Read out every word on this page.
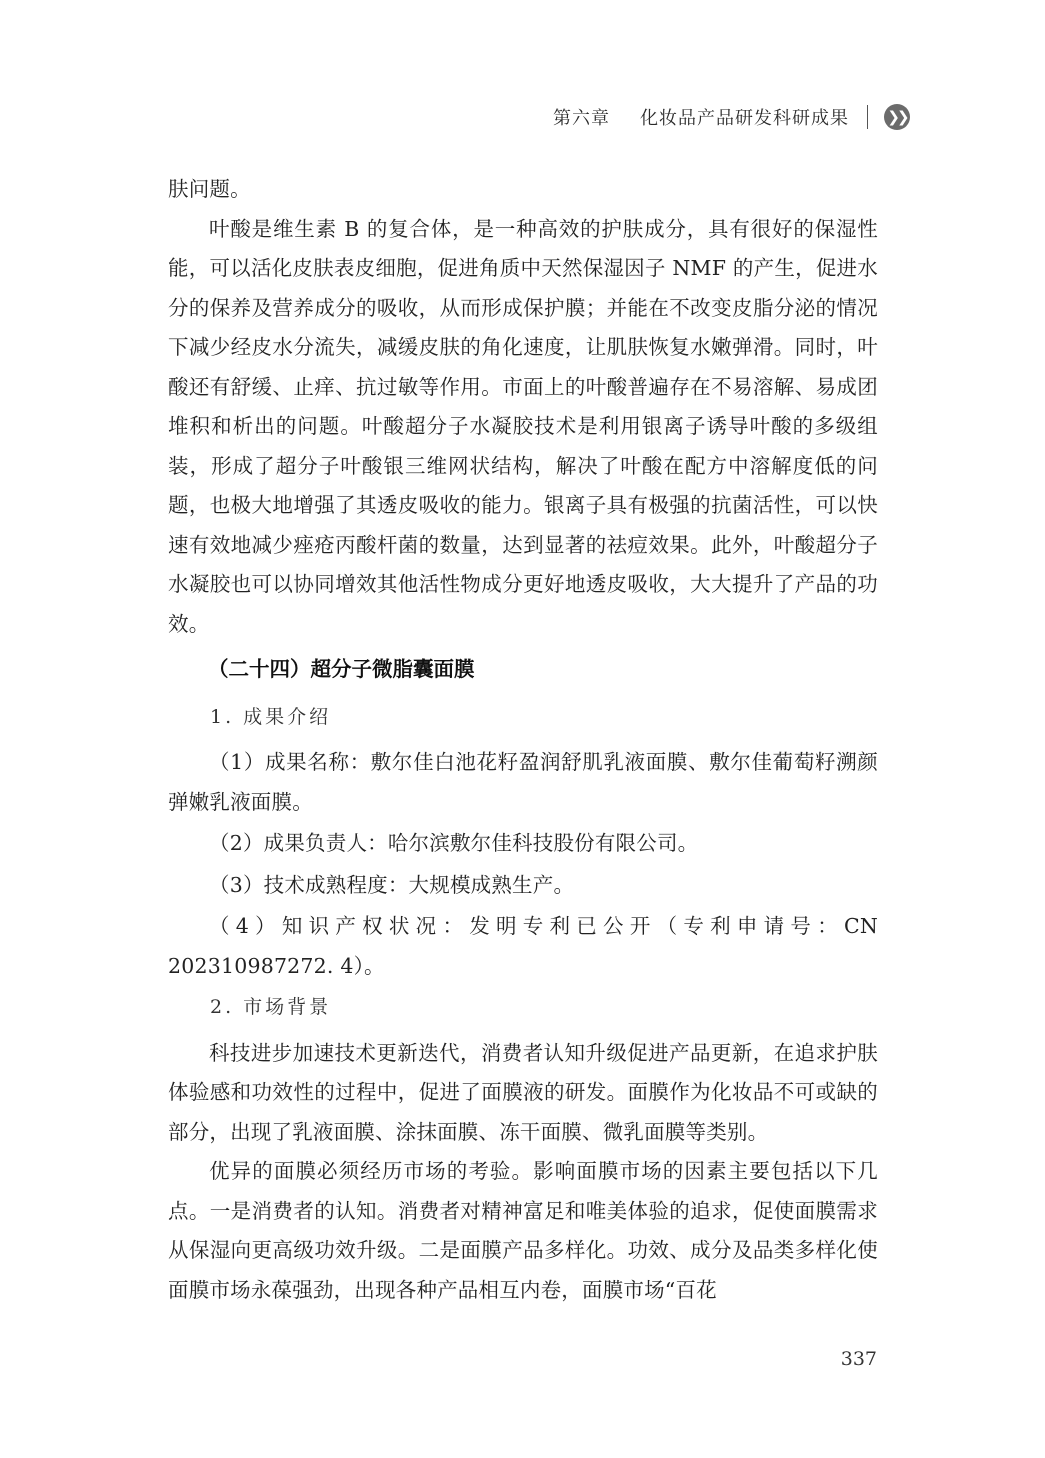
第六章 化妆品产品研发科研成果	❯❯

肤问题。

叶酸是维生素 B 的复合体，是一种高效的护肤成分，具有很好的保湿性能，可以活化皮肤表皮细胞，促进角质中天然保湿因子 NMF 的产生，促进水分的保养及营养成分的吸收，从而形成保护膜；并能在不改变皮脂分泌的情况下减少经皮水分流失，减缓皮肤的角化速度，让肌肤恢复水嫩弹滑。同时，叶酸还有舒缓、止痒、抗过敏等作用。市面上的叶酸普遍存在不易溶解、易成团堆积和析出的问题。叶酸超分子水凝胶技术是利用银离子诱导叶酸的多级组装，形成了超分子叶酸银三维网状结构，解决了叶酸在配方中溶解度低的问题，也极大地增强了其透皮吸收的能力。银离子具有极强的抗菌活性，可以快速有效地减少痤疮丙酸杆菌的数量，达到显著的祛痘效果。此外，叶酸超分子水凝胶也可以协同增效其他活性物成分更好地透皮吸收，大大提升了产品的功效。

（二十四）超分子微脂囊面膜
1. 成果介绍

（1）成果名称：敷尔佳白池花籽盈润舒肌乳液面膜、敷尔佳葡萄籽溯颜弹嫩乳液面膜。

（2）成果负责人：哈尔滨敷尔佳科技股份有限公司。

（3）技术成熟程度：大规模成熟生产。

（4）知识产权状况：发明专利已公开（专利申请号：CN 202310987272. 4）。

2. 市场背景

科技进步加速技术更新迭代，消费者认知升级促进产品更新，在追求护肤体验感和功效性的过程中，促进了面膜液的研发。面膜作为化妆品不可或缺的部分，出现了乳液面膜、涂抹面膜、冻干面膜、微乳面膜等类别。

优异的面膜必须经历市场的考验。影响面膜市场的因素主要包括以下几点。一是消费者的认知。消费者对精神富足和唯美体验的追求，促使面膜需求从保湿向更高级功效升级。二是面膜产品多样化。功效、成分及品类多样化使面膜市场永葆强劲，出现各种产品相互内卷，面膜市场“百花

337
